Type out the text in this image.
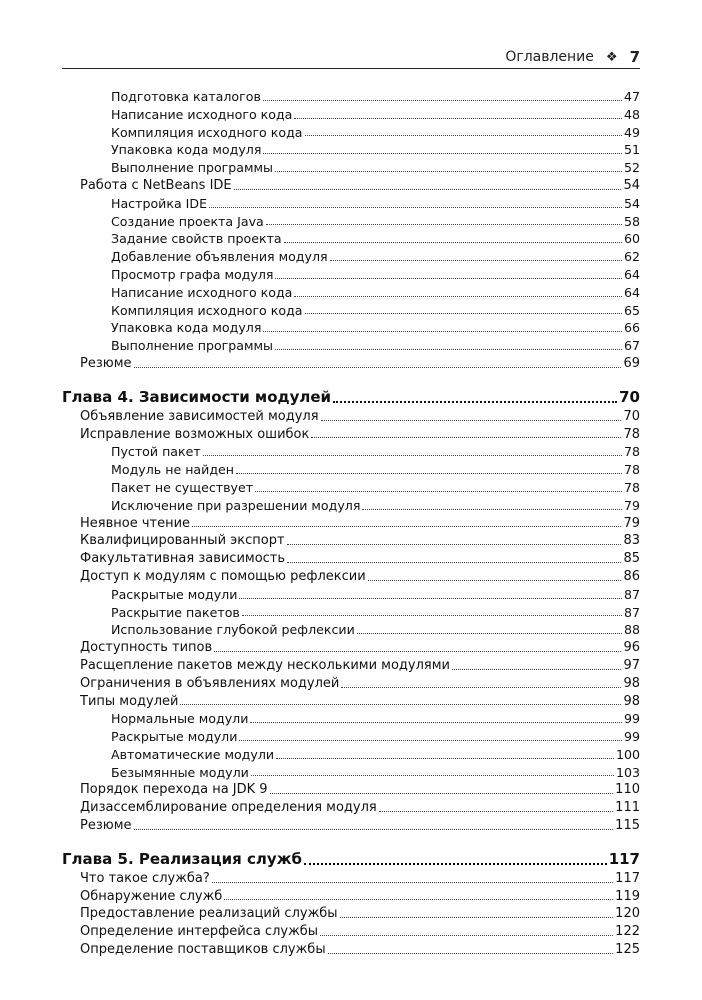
Оглавление ❖ 7
Подготовка каталогов	47
Написание исходного кода	48
Компиляция исходного кода	49
Упаковка кода модуля	51
Выполнение программы	52
Работа с NetBeans IDE	54
Настройка IDE	54
Создание проекта Java	58
Задание свойств проекта	60
Добавление объявления модуля	62
Просмотр графа модуля	64
Написание исходного кода	64
Компиляция исходного кода	65
Упаковка кода модуля	66
Выполнение программы	67
Резюме	69
Глава 4. Зависимости модулей	70
Объявление зависимостей модуля	70
Исправление возможных ошибок	78
Пустой пакет	78
Модуль не найден	78
Пакет не существует	78
Исключение при разрешении модуля	79
Неявное чтение	79
Квалифицированный экспорт	83
Факультативная зависимость	85
Доступ к модулям с помощью рефлексии	86
Раскрытые модули	87
Раскрытие пакетов	87
Использование глубокой рефлексии	88
Доступность типов	96
Расщепление пакетов между несколькими модулями	97
Ограничения в объявлениях модулей	98
Типы модулей	98
Нормальные модули	99
Раскрытые модули	99
Автоматические модули	100
Безымянные модули	103
Порядок перехода на JDK 9	110
Дизассемблирование определения модуля	111
Резюме	115
Глава 5. Реализация служб	117
Что такое служба?	117
Обнаружение служб	119
Предоставление реализаций службы	120
Определение интерфейса службы	122
Определение поставщиков службы	125
